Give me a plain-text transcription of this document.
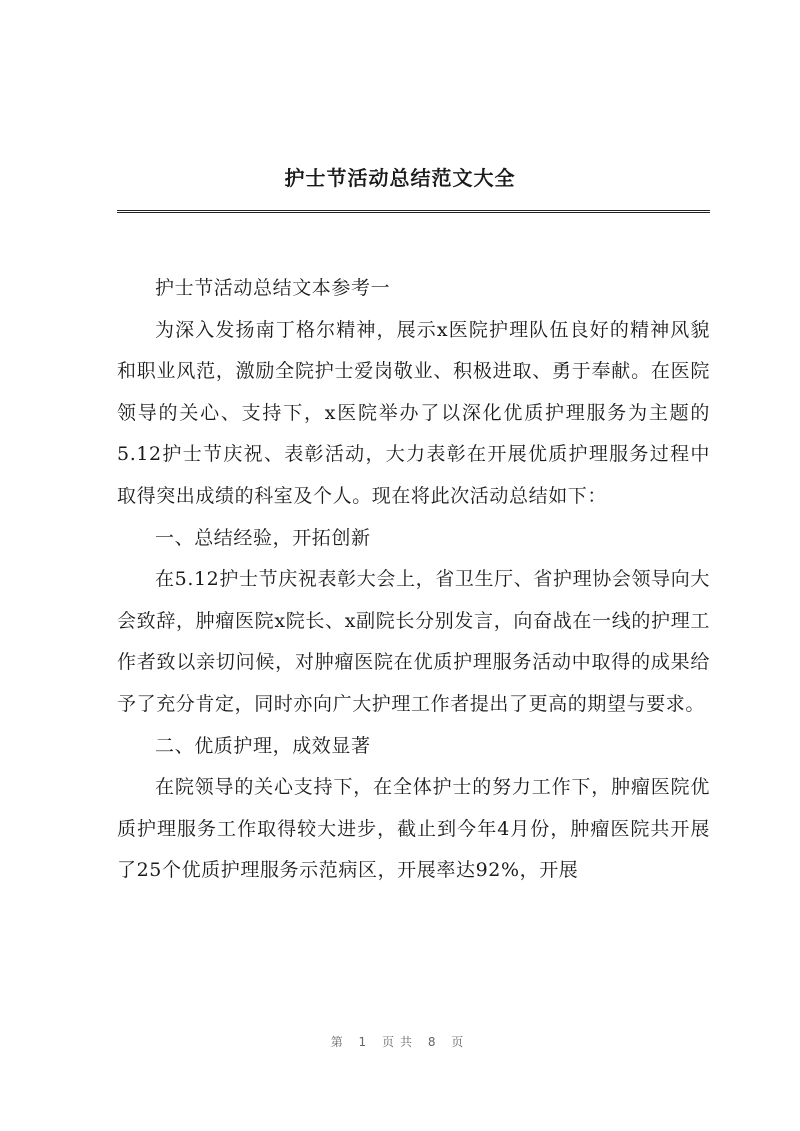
护士节活动总结范文大全

护士节活动总结文本参考一

为深入发扬南丁格尔精神，展示x医院护理队伍良好的精神风貌和职业风范，激励全院护士爱岗敬业、积极进取、勇于奉献。在医院领导的关心、支持下，x医院举办了以深化优质护理服务为主题的5.12护士节庆祝、表彰活动，大力表彰在开展优质护理服务过程中取得突出成绩的科室及个人。现在将此次活动总结如下：

一、总结经验，开拓创新

在5.12护士节庆祝表彰大会上，省卫生厅、省护理协会领导向大会致辞，肿瘤医院x院长、x副院长分别发言，向奋战在一线的护理工作者致以亲切问候，对肿瘤医院在优质护理服务活动中取得的成果给予了充分肯定，同时亦向广大护理工作者提出了更高的期望与要求。

二、优质护理，成效显著

在院领导的关心支持下，在全体护士的努力工作下，肿瘤医院优质护理服务工作取得较大进步，截止到今年4月份，肿瘤医院共开展了25个优质护理服务示范病区，开展率达92%，开展

第 1 页共 8 页
